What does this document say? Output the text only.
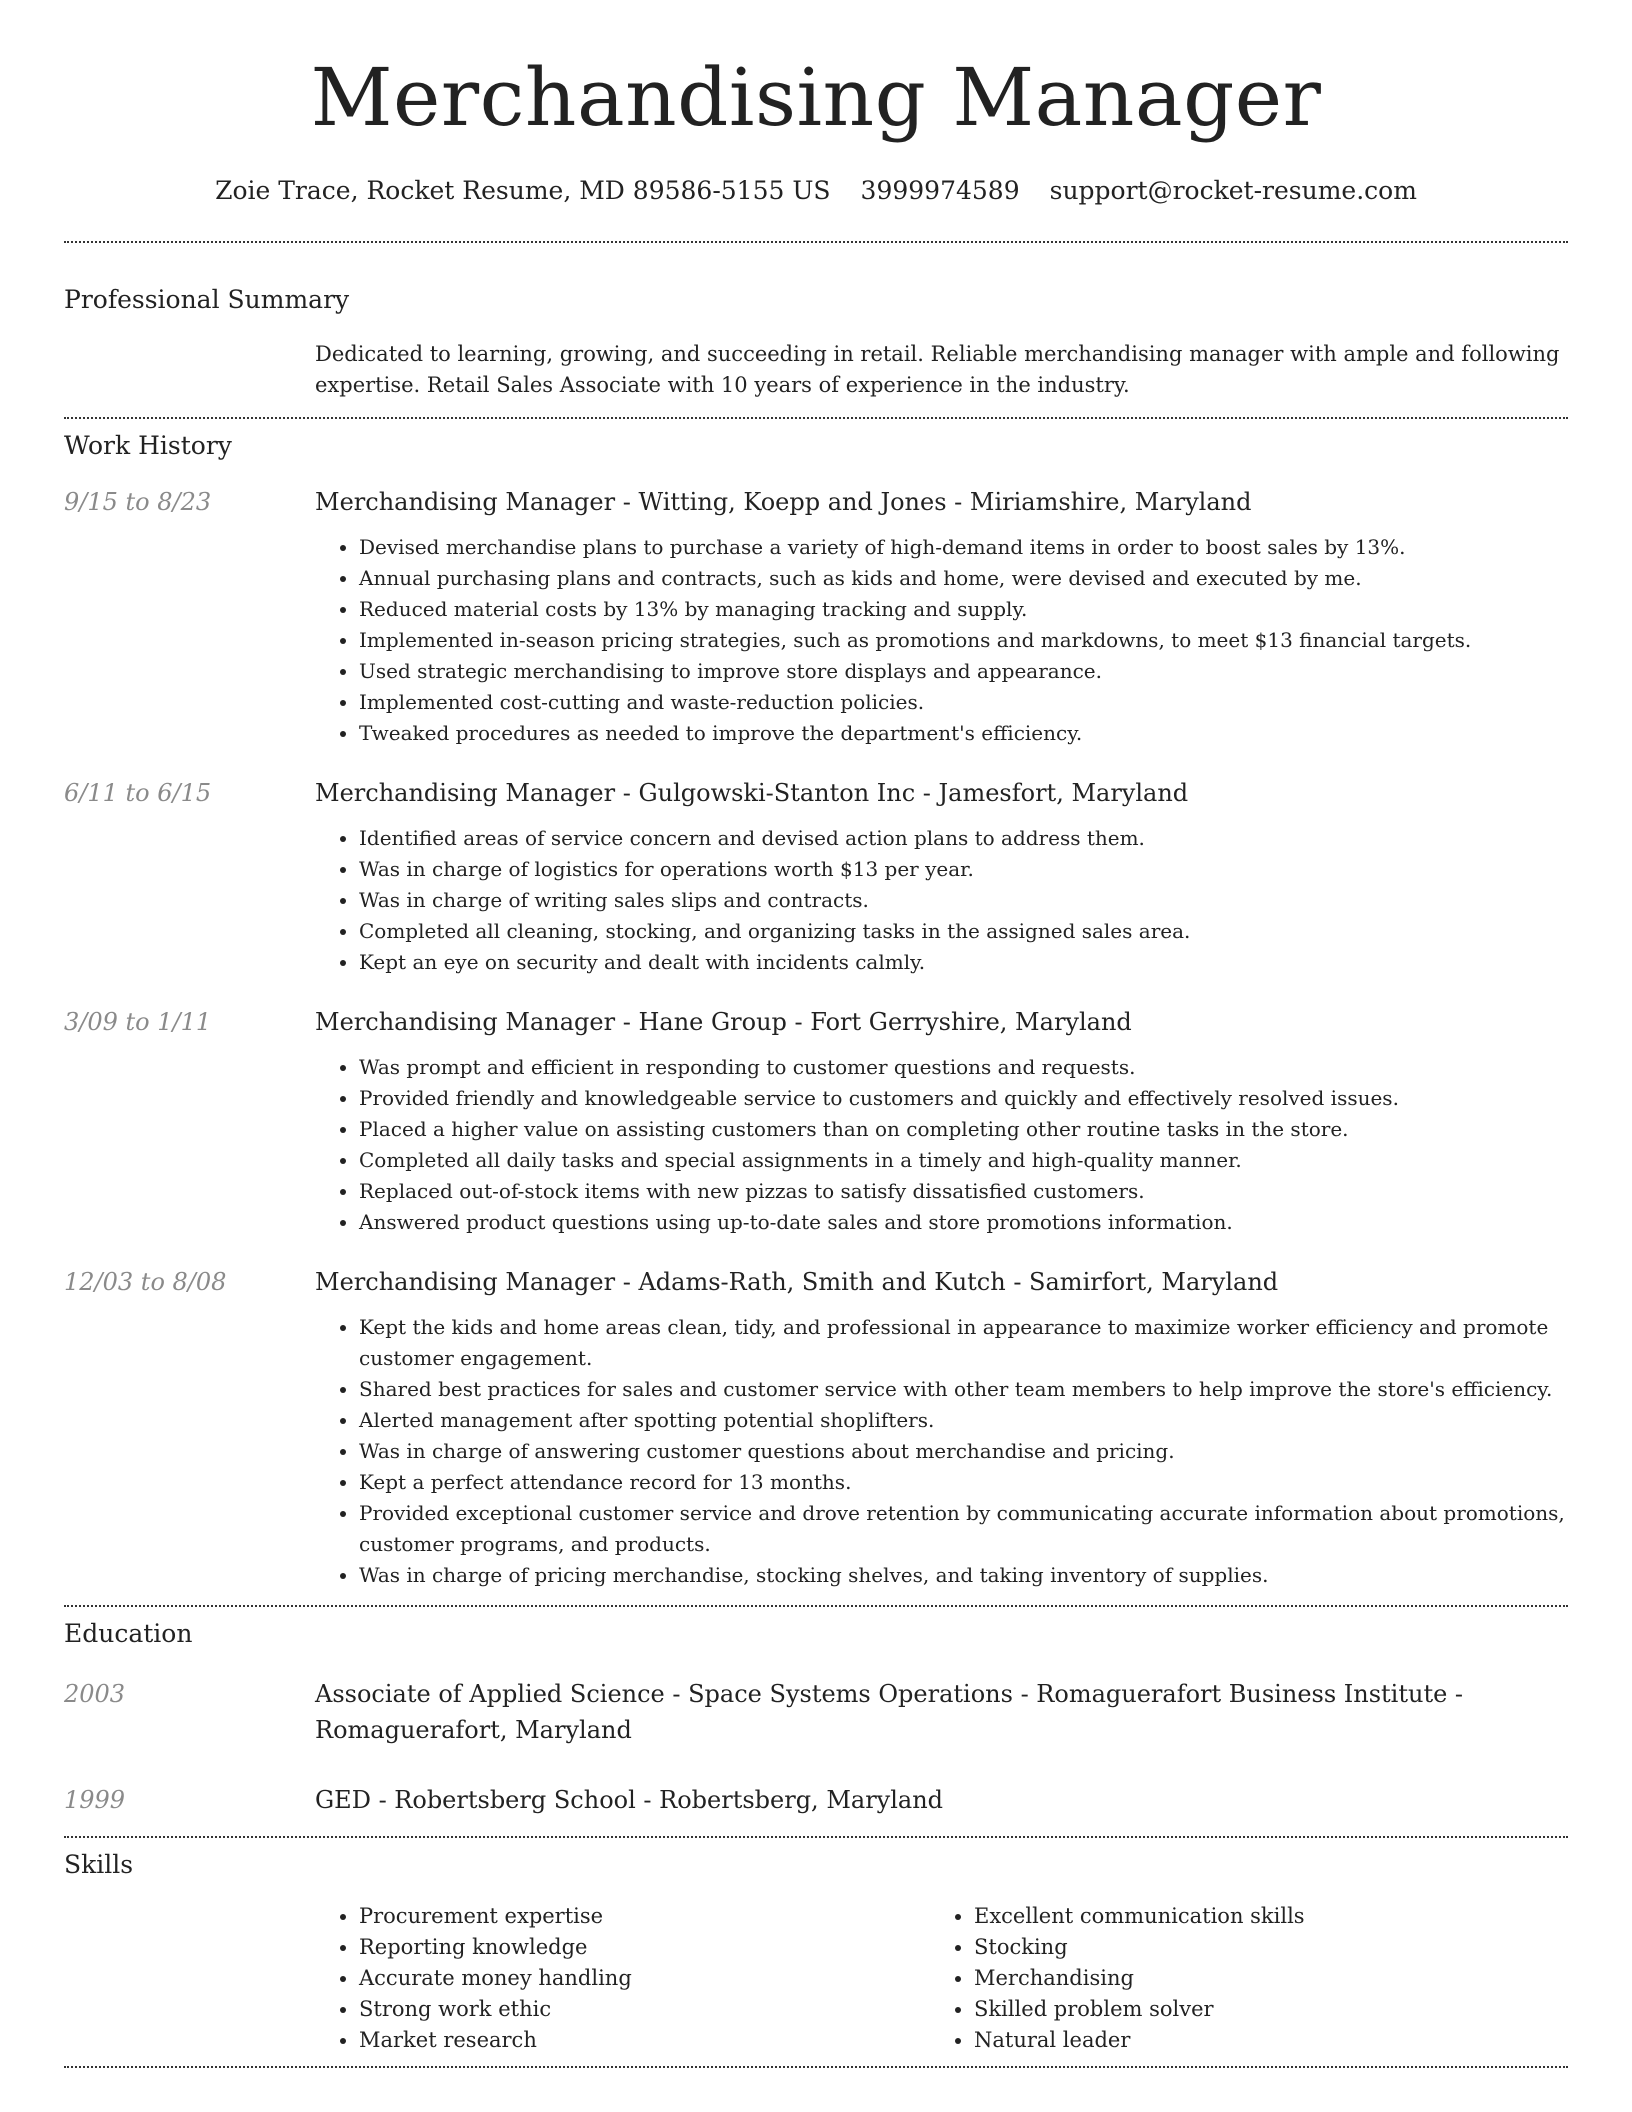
Merchandising Manager
Zoie Trace, Rocket Resume, MD 89586-5155 US 3999974589 support@rocket-resume.com
Professional Summary
Dedicated to learning, growing, and succeeding in retail. Reliable merchandising manager with ample and following expertise. Retail Sales Associate with 10 years of experience in the industry.
Work History
9/15 to 8/23	Merchandising Manager - Witting, Koepp and Jones - Miriamshire, Maryland
• Devised merchandise plans to purchase a variety of high-demand items in order to boost sales by 13%.
• Annual purchasing plans and contracts, such as kids and home, were devised and executed by me.
• Reduced material costs by 13% by managing tracking and supply.
• Implemented in-season pricing strategies, such as promotions and markdowns, to meet $13 financial targets.
• Used strategic merchandising to improve store displays and appearance.
• Implemented cost-cutting and waste-reduction policies.
• Tweaked procedures as needed to improve the department's efficiency.
6/11 to 6/15	Merchandising Manager - Gulgowski-Stanton Inc - Jamesfort, Maryland
• Identified areas of service concern and devised action plans to address them.
• Was in charge of logistics for operations worth $13 per year.
• Was in charge of writing sales slips and contracts.
• Completed all cleaning, stocking, and organizing tasks in the assigned sales area.
• Kept an eye on security and dealt with incidents calmly.
3/09 to 1/11	Merchandising Manager - Hane Group - Fort Gerryshire, Maryland
• Was prompt and efficient in responding to customer questions and requests.
• Provided friendly and knowledgeable service to customers and quickly and effectively resolved issues.
• Placed a higher value on assisting customers than on completing other routine tasks in the store.
• Completed all daily tasks and special assignments in a timely and high-quality manner.
• Replaced out-of-stock items with new pizzas to satisfy dissatisfied customers.
• Answered product questions using up-to-date sales and store promotions information.
12/03 to 8/08	Merchandising Manager - Adams-Rath, Smith and Kutch - Samirfort, Maryland
• Kept the kids and home areas clean, tidy, and professional in appearance to maximize worker efficiency and promote customer engagement.
• Shared best practices for sales and customer service with other team members to help improve the store's efficiency.
• Alerted management after spotting potential shoplifters.
• Was in charge of answering customer questions about merchandise and pricing.
• Kept a perfect attendance record for 13 months.
• Provided exceptional customer service and drove retention by communicating accurate information about promotions, customer programs, and products.
• Was in charge of pricing merchandise, stocking shelves, and taking inventory of supplies.
Education
2003	Associate of Applied Science - Space Systems Operations - Romaguerafort Business Institute - Romaguerafort, Maryland
1999	GED - Robertsberg School - Robertsberg, Maryland
Skills
• Procurement expertise
• Reporting knowledge
• Accurate money handling
• Strong work ethic
• Market research
• Excellent communication skills
• Stocking
• Merchandising
• Skilled problem solver
• Natural leader
